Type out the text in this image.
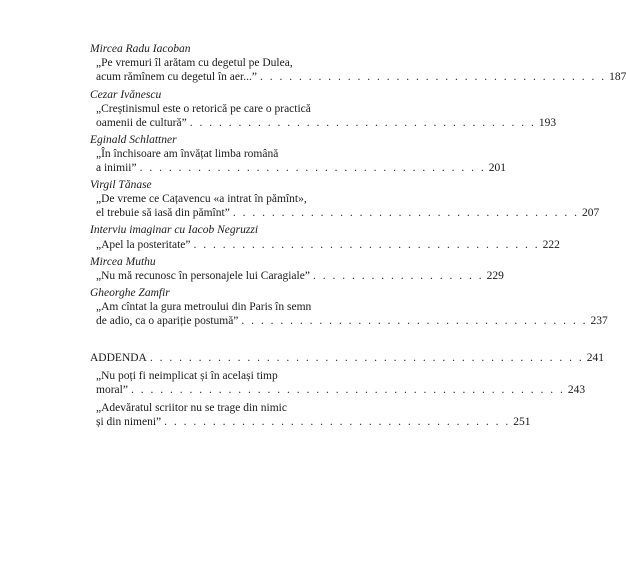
Mircea Radu Iacoban
„Pe vremuri îl arătam cu degetul pe Dulea,
acum rămînem cu degetul în aer...” . . . . . . . . . . . . . . . . . . . . . . . . . . . . . . . . . . . . 187
Cezar Ivănescu
„Creștinismul este o retorică pe care o practică
oamenii de cultură” . . . . . . . . . . . . . . . . . . . . . . . . . . . . . . . . . . . . 193
Eginald Schlattner
„În închisoare am învățat limba română
a inimii” . . . . . . . . . . . . . . . . . . . . . . . . . . . . . . . . . . . . 201
Virgil Tănase
„De vreme ce Cațavencu «a intrat în pămînt»,
el trebuie să iasă din pămînt” . . . . . . . . . . . . . . . . . . . . . . . . . . . . . . . . . . . . 207
Interviu imaginar cu Iacob Negruzzi
„Apel la posteritate” . . . . . . . . . . . . . . . . . . . . . . . . . . . . . . . . . . . . 222
Mircea Muthu
„Nu mă recunosc în personajele lui Caragiale” . . . . . . . . . . . . . . . . . . 229
Gheorghe Zamfir
„Am cîntat la gura metroului din Paris în semn
de adio, ca o apariție postumă” . . . . . . . . . . . . . . . . . . . . . . . . . . . . . . . . . . . . 237
ADDENDA . . . . . . . . . . . . . . . . . . . . . . . . . . . . . . . . . . . . . . . . . . . . . 241
„Nu poți fi neimplicat și în același timp
moral” . . . . . . . . . . . . . . . . . . . . . . . . . . . . . . . . . . . . . . . . . . . . . 243
„Adevăratul scriitor nu se trage din nimic
și din nimeni” . . . . . . . . . . . . . . . . . . . . . . . . . . . . . . . . . . . . 251
